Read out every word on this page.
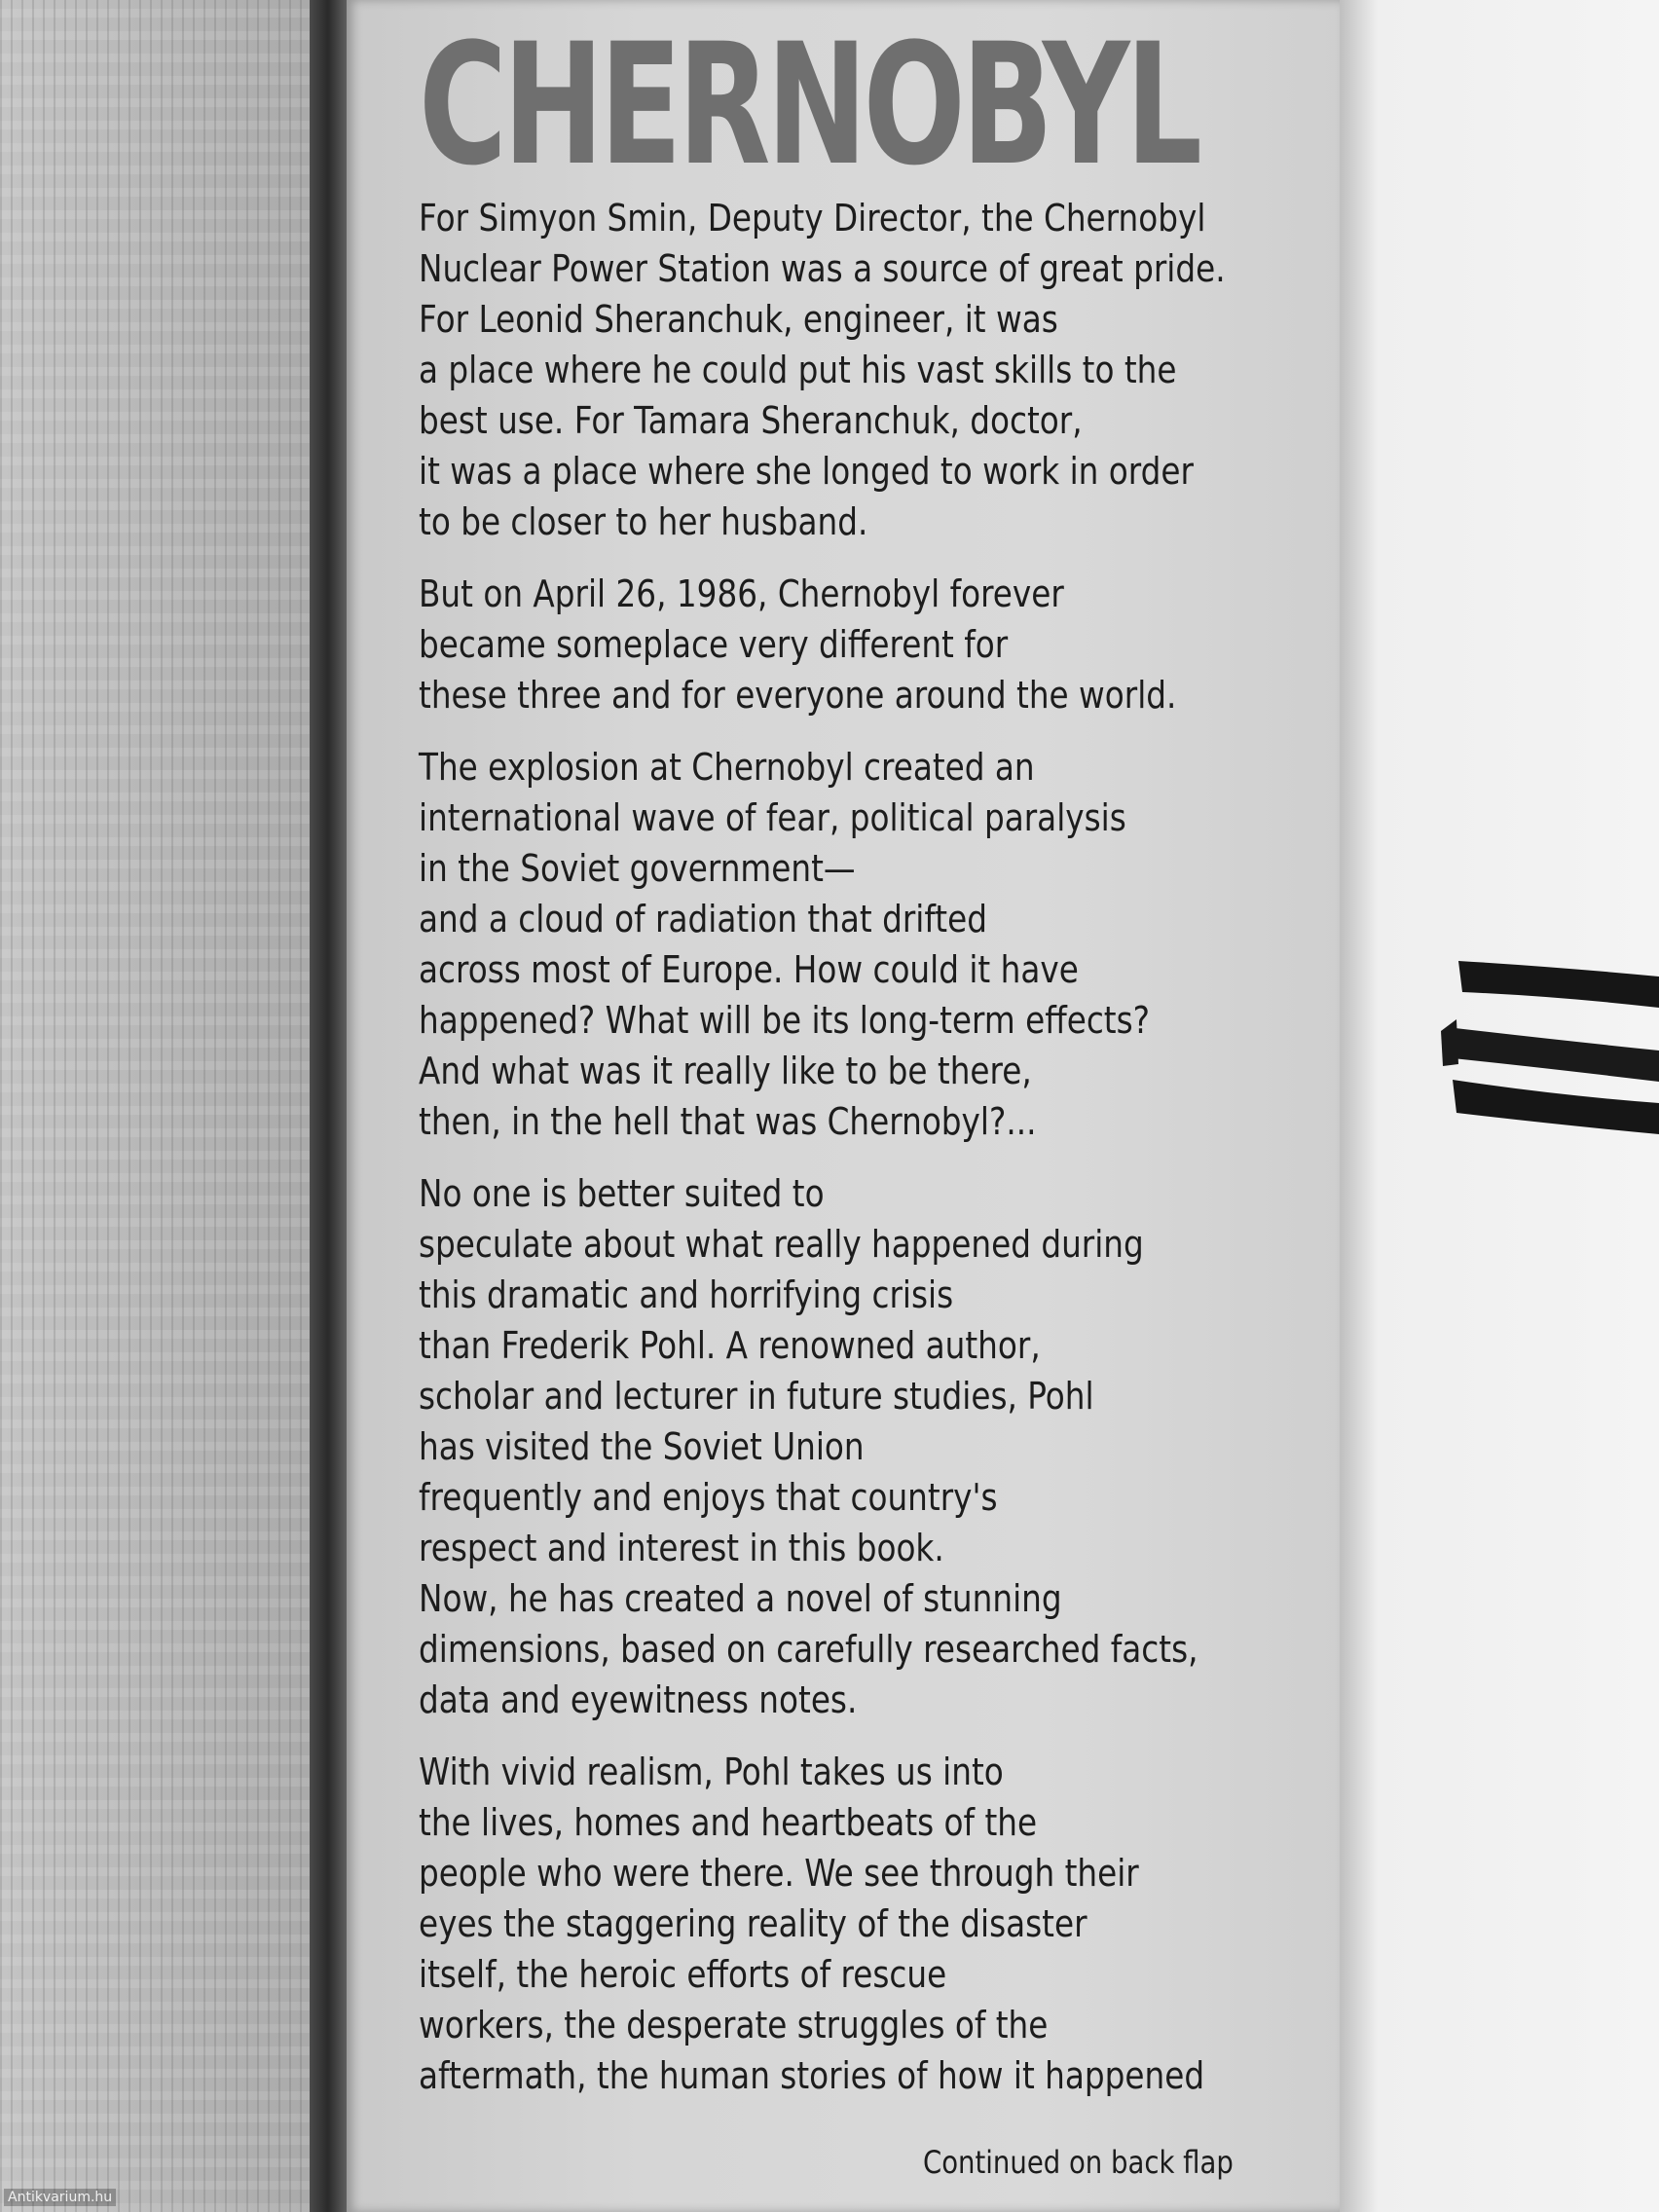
CHERNOBYL

For Simyon Smin, Deputy Director, the Chernobyl
Nuclear Power Station was a source of great pride.
For Leonid Sheranchuk, engineer, it was
a place where he could put his vast skills to the
best use. For Tamara Sheranchuk, doctor,
it was a place where she longed to work in order
to be closer to her husband.

But on April 26, 1986, Chernobyl forever
became someplace very different for
these three and for everyone around the world.

The explosion at Chernobyl created an
international wave of fear, political paralysis
in the Soviet government—
and a cloud of radiation that drifted
across most of Europe. How could it have
happened? What will be its long-term effects?
And what was it really like to be there,
then, in the hell that was Chernobyl?...

No one is better suited to
speculate about what really happened during
this dramatic and horrifying crisis
than Frederik Pohl. A renowned author,
scholar and lecturer in future studies, Pohl
has visited the Soviet Union
frequently and enjoys that country's
respect and interest in this book.
Now, he has created a novel of stunning
dimensions, based on carefully researched facts,
data and eyewitness notes.

With vivid realism, Pohl takes us into
the lives, homes and heartbeats of the
people who were there. We see through their
eyes the staggering reality of the disaster
itself, the heroic efforts of rescue
workers, the desperate struggles of the
aftermath, the human stories of how it happened

Continued on back flap
Antikvarium.hu
